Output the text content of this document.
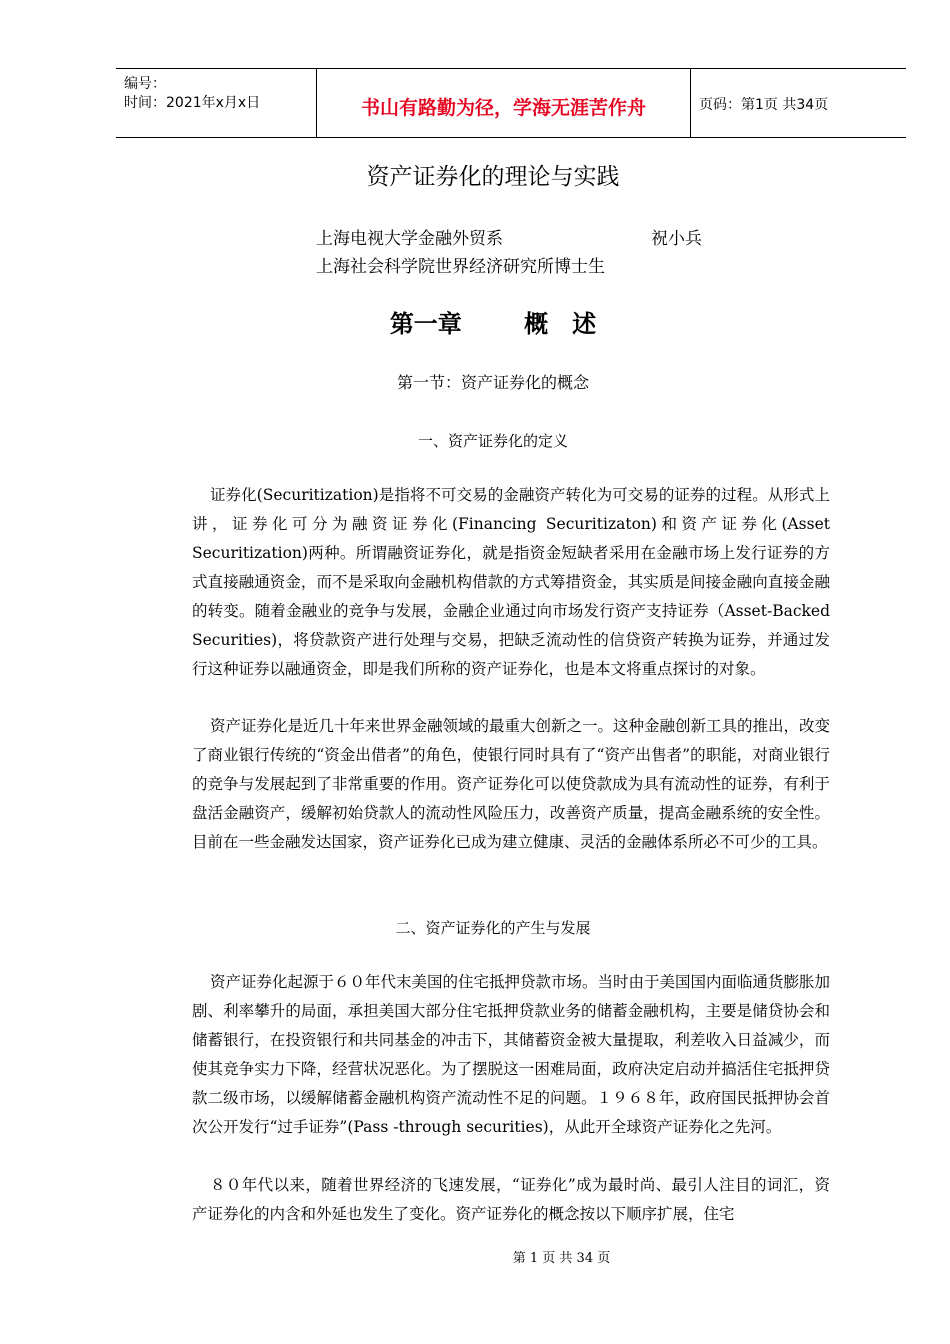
编号：
时间：2021年x月x日	书山有路勤为径，学海无涯苦作舟	页码：第1页 共34页
资产证券化的理论与实践
上海电视大学金融外贸系	祝小兵
上海社会科学院世界经济研究所博士生
第一章　 概　述
第一节：资产证券化的概念
一、资产证券化的定义
证券化(Securitization)是指将不可交易的金融资产转化为可交易的证券的过程。从形式上讲，证券化可分为融资证券化(Financing Securitizaton)和资产证券化(Asset Securitization)两种。所谓融资证券化，就是指资金短缺者采用在金融市场上发行证券的方式直接融通资金，而不是采取向金融机构借款的方式筹措资金，其实质是间接金融向直接金融的转变。随着金融业的竞争与发展，金融企业通过向市场发行资产支持证券（Asset-Backed Securities)，将贷款资产进行处理与交易，把缺乏流动性的信贷资产转换为证券，并通过发行这种证券以融通资金，即是我们所称的资产证券化，也是本文将重点探讨的对象。
资产证券化是近几十年来世界金融领域的最重大创新之一。这种金融创新工具的推出，改变了商业银行传统的“资金出借者”的角色，使银行同时具有了“资产出售者”的职能，对商业银行的竞争与发展起到了非常重要的作用。资产证券化可以使贷款成为具有流动性的证券，有利于盘活金融资产，缓解初始贷款人的流动性风险压力，改善资产质量，提高金融系统的安全性。目前在一些金融发达国家，资产证券化已成为建立健康、灵活的金融体系所必不可少的工具。
二、资产证券化的产生与发展
资产证券化起源于６０年代末美国的住宅抵押贷款市场。当时由于美国国内面临通货膨胀加剧、利率攀升的局面，承担美国大部分住宅抵押贷款业务的储蓄金融机构，主要是储贷协会和储蓄银行，在投资银行和共同基金的冲击下，其储蓄资金被大量提取，利差收入日益减少，而使其竞争实力下降，经营状况恶化。为了摆脱这一困难局面，政府决定启动并搞活住宅抵押贷款二级市场，以缓解储蓄金融机构资产流动性不足的问题。１９６８年，政府国民抵押协会首次公开发行“过手证券”(Pass -through securities)，从此开全球资产证券化之先河。
８０年代以来，随着世界经济的飞速发展，“证券化”成为最时尚、最引人注目的词汇，资产证券化的内含和外延也发生了变化。资产证券化的概念按以下顺序扩展，住宅
第 1 页 共 34 页
